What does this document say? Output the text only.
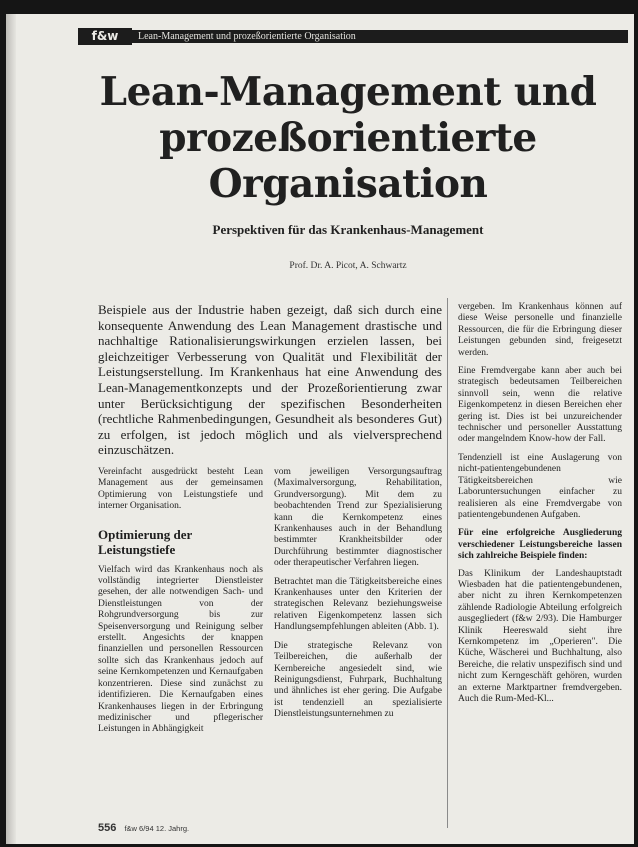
f&w	Lean-Management und prozeßorientierte Organisation
Lean-Management und
prozeßorientierte
Organisation
Perspektiven für das Krankenhaus-Management
Prof. Dr. A. Picot, A. Schwartz

Beispiele aus der Industrie haben gezeigt, daß sich durch eine konsequente Anwendung des Lean Management drastische und nachhaltige Rationalisierungswirkungen erzielen lassen, bei gleichzeitiger Verbesserung von Qualität und Flexibilität der Leistungserstellung. Im Krankenhaus hat eine Anwendung des Lean-Managementkonzepts und der Prozeßorientierung zwar unter Berücksichtigung der spezifischen Besonderheiten (rechtliche Rahmenbedingungen, Gesundheit als besonderes Gut) zu erfolgen, ist jedoch möglich und als vielversprechend einzuschätzen.

Vereinfacht ausgedrückt besteht Lean Management aus der gemeinsamen Optimierung von Leistungstiefe und interner Organisation.

Optimierung der Leistungstiefe

Vielfach wird das Krankenhaus noch als vollständig integrierter Dienstleister gesehen, der alle notwendigen Sach- und Dienstleistungen von der Rohgrundversorgung bis zur Speisenversorgung und Reinigung selber erstellt. Angesichts der knappen finanziellen und personellen Ressourcen sollte sich das Krankenhaus jedoch auf seine Kernkompetenzen und Kernaufgaben konzentrieren. Diese sind zunächst zu identifizieren. Die Kernaufgaben eines Krankenhauses liegen in der Erbringung medizinischer und pflegerischer Leistungen in Abhängigkeit

vom jeweiligen Versorgungsauftrag (Maximalversorgung, Rehabilitation, Grundversorgung). Mit dem zu beobachtenden Trend zur Spezialisierung kann die Kernkompetenz eines Krankenhauses auch in der Behandlung bestimmter Krankheitsbilder oder Durchführung bestimmter diagnostischer oder therapeutischer Verfahren liegen.

Betrachtet man die Tätigkeitsbereiche eines Krankenhauses unter den Kriterien der strategischen Relevanz beziehungsweise relativen Eigenkompetenz lassen sich Handlungsempfehlungen ableiten (Abb. 1).

Die strategische Relevanz von Teilbereichen, die außerhalb der Kernbereiche angesiedelt sind, wie Reinigungsdienst, Fuhrpark, Buchhaltung und ähnliches ist eher gering. Die Aufgabe ist tendenziell an spezialisierte Dienstleistungsunternehmen zu

vergeben. Im Krankenhaus können auf diese Weise personelle und finanzielle Ressourcen, die für die Erbringung dieser Leistungen gebunden sind, freigesetzt werden.

Eine Fremdvergabe kann aber auch bei strategisch bedeutsamen Teilbereichen sinnvoll sein, wenn die relative Eigenkompetenz in diesen Bereichen eher gering ist. Dies ist bei unzureichender technischer und personeller Ausstattung oder mangelndem Know-how der Fall.

Tendenziell ist eine Auslagerung von nicht-patientengebundenen Tätigkeitsbereichen wie Laboruntersuchungen einfacher zu realisieren als eine Fremdvergabe von patientengebundenen Aufgaben.

Für eine erfolgreiche Ausgliederung verschiedener Leistungsbereiche lassen sich zahlreiche Beispiele finden:

Das Klinikum der Landeshauptstadt Wiesbaden hat die patientengebundenen, aber nicht zu ihren Kernkompetenzen zählende Radiologie Abteilung erfolgreich ausgegliedert (f&w 2/93). Die Hamburger Klinik Heereswald sieht ihre Kernkompetenz im „Operieren". Die Küche, Wäscherei und Buchhaltung, also Bereiche, die relativ unspezifisch sind und nicht zum Kerngeschäft gehören, wurden an externe Marktpartner fremdvergeben. Auch die Rum-Med-Kl...

556 f&w 6/94 12. Jahrg.
